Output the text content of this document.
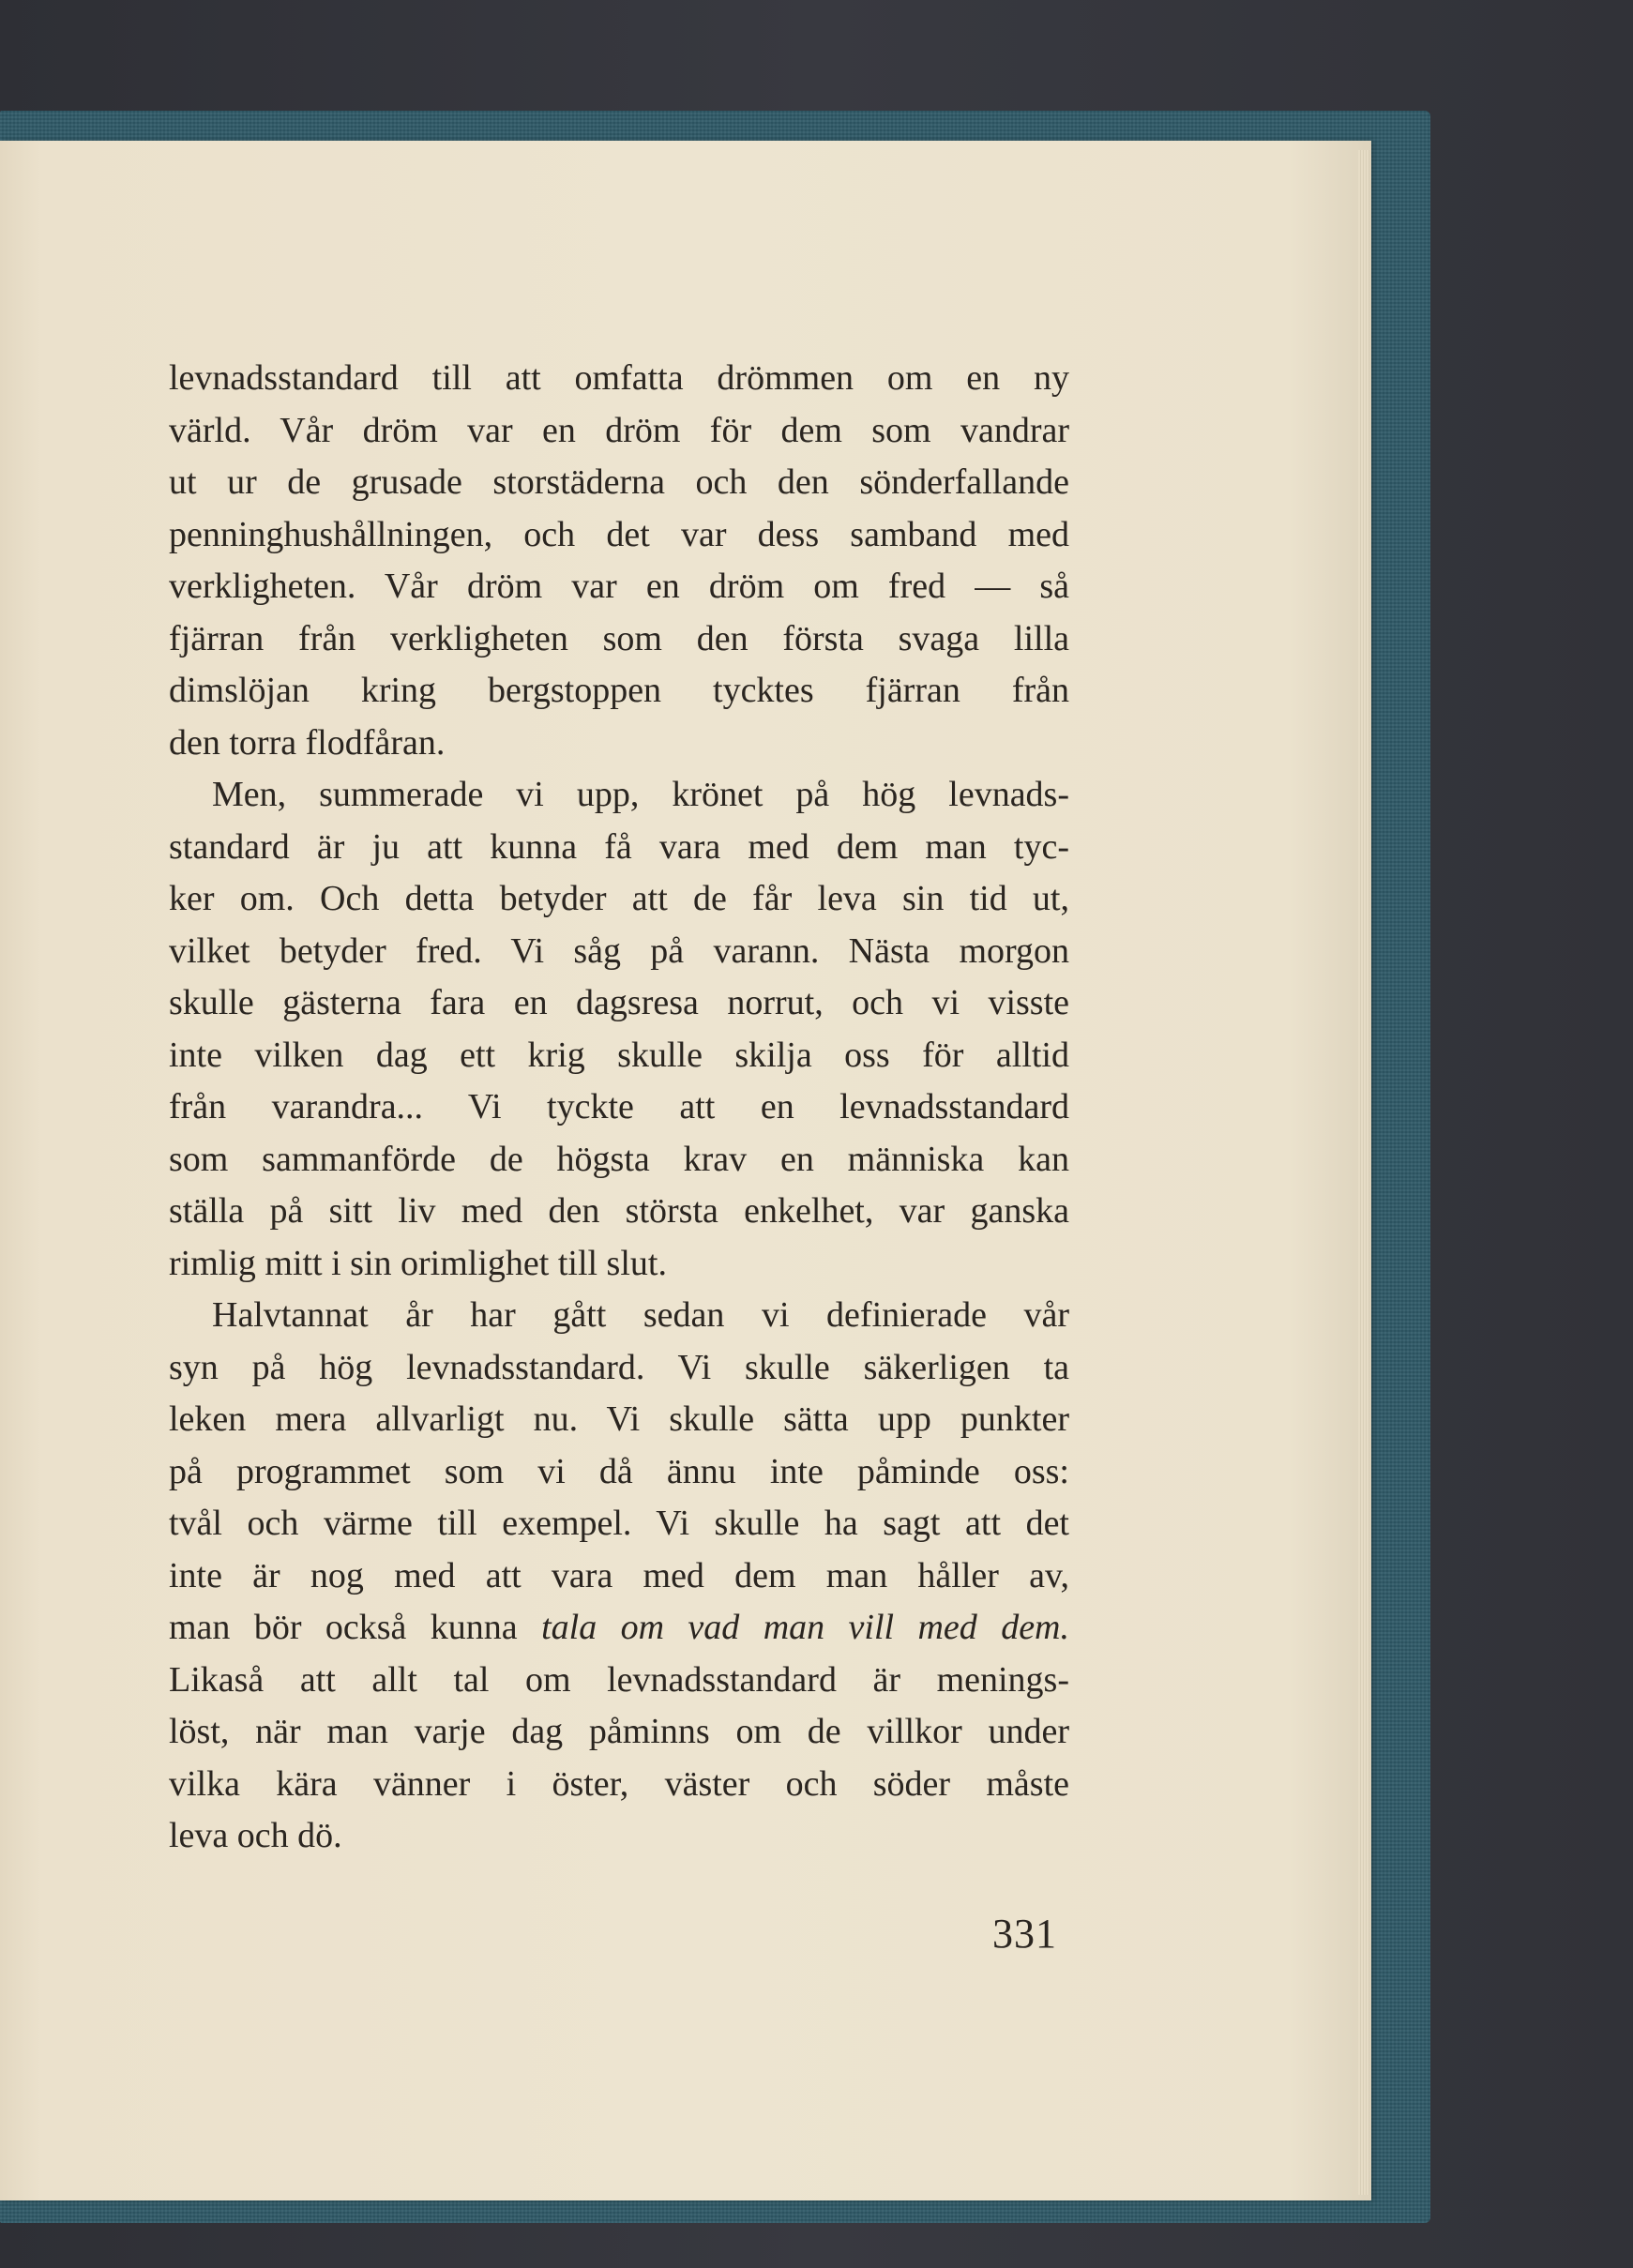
levnadsstandard till att omfatta drömmen om en ny
värld. Vår dröm var en dröm för dem som vandrar
ut ur de grusade storstäderna och den sönderfallande
penninghushållningen, och det var dess samband med
verkligheten. Vår dröm var en dröm om fred — så
fjärran från verkligheten som den första svaga lilla
dimslöjan kring bergstoppen tycktes fjärran från
den torra flodfåran.
Men, summerade vi upp, krönet på hög levnads-
standard är ju att kunna få vara med dem man tyc-
ker om. Och detta betyder att de får leva sin tid ut,
vilket betyder fred. Vi såg på varann. Nästa morgon
skulle gästerna fara en dagsresa norrut, och vi visste
inte vilken dag ett krig skulle skilja oss för alltid
från varandra... Vi tyckte att en levnadsstandard
som sammanförde de högsta krav en människa kan
ställa på sitt liv med den största enkelhet, var ganska
rimlig mitt i sin orimlighet till slut.
Halvtannat år har gått sedan vi definierade vår
syn på hög levnadsstandard. Vi skulle säkerligen ta
leken mera allvarligt nu. Vi skulle sätta upp punkter
på programmet som vi då ännu inte påminde oss:
tvål och värme till exempel. Vi skulle ha sagt att det
inte är nog med att vara med dem man håller av,
man bör också kunna tala om vad man vill med dem.
Likaså att allt tal om levnadsstandard är menings-
löst, när man varje dag påminns om de villkor under
vilka kära vänner i öster, väster och söder måste
leva och dö.
331
